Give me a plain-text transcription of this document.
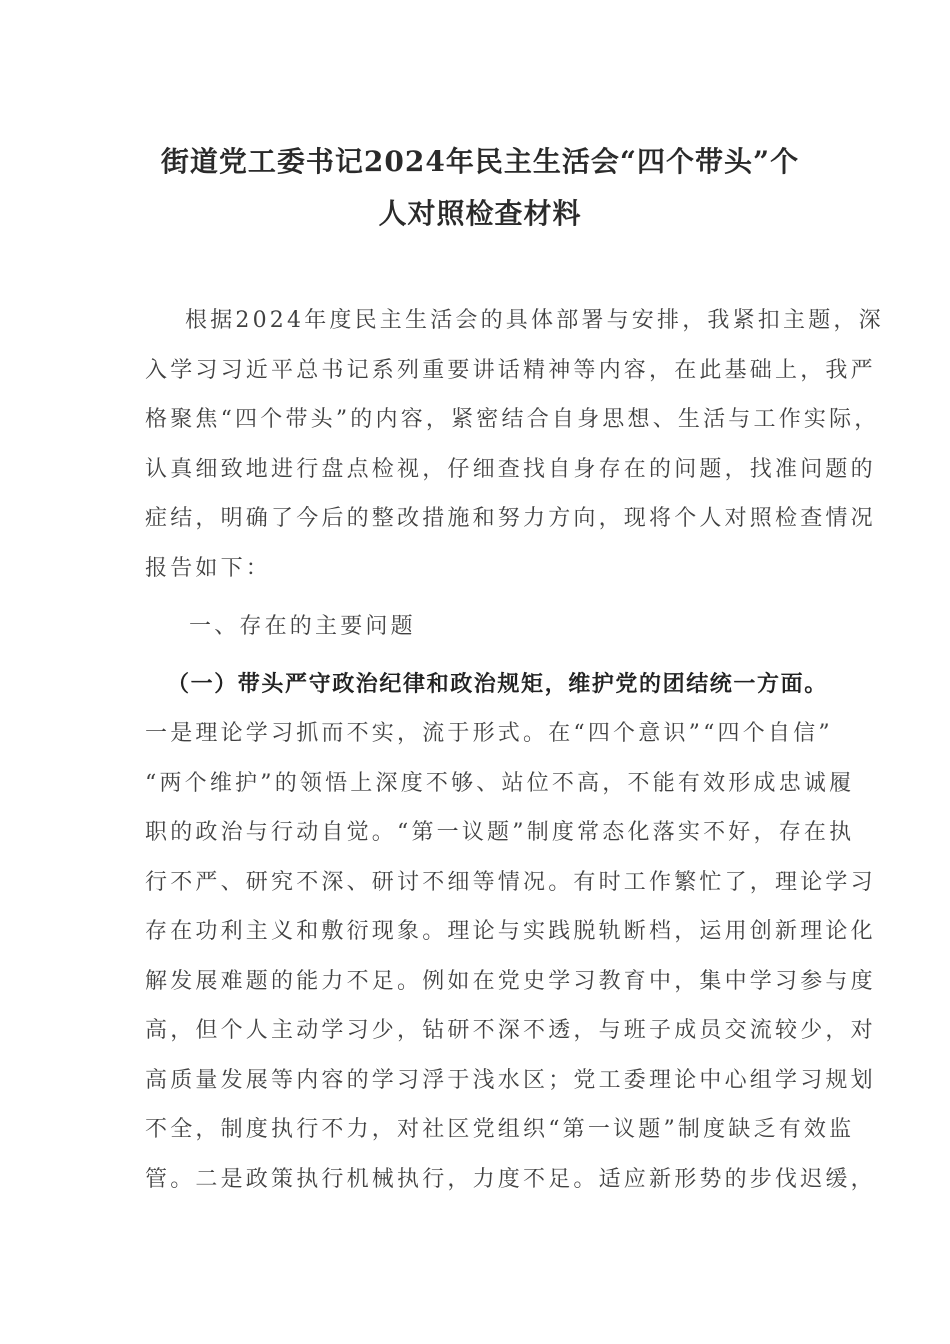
街道党工委书记2024年民主生活会“四个带头”个
人对照检查材料
根据2024年度民主生活会的具体部署与安排，我紧扣主题，深
入学习习近平总书记系列重要讲话精神等内容，在此基础上，我严
格聚焦“四个带头”的内容，紧密结合自身思想、生活与工作实际，
认真细致地进行盘点检视，仔细查找自身存在的问题，找准问题的
症结，明确了今后的整改措施和努力方向，现将个人对照检查情况
报告如下：
一、存在的主要问题
（一）带头严守政治纪律和政治规矩，维护党的团结统一方面。
一是理论学习抓而不实，流于形式。在“四个意识”“四个自信”
“两个维护”的领悟上深度不够、站位不高，不能有效形成忠诚履
职的政治与行动自觉。“第一议题”制度常态化落实不好，存在执
行不严、研究不深、研讨不细等情况。有时工作繁忙了，理论学习
存在功利主义和敷衍现象。理论与实践脱轨断档，运用创新理论化
解发展难题的能力不足。例如在党史学习教育中，集中学习参与度
高，但个人主动学习少，钻研不深不透，与班子成员交流较少，对
高质量发展等内容的学习浮于浅水区；党工委理论中心组学习规划
不全，制度执行不力，对社区党组织“第一议题”制度缺乏有效监
管。二是政策执行机械执行，力度不足。适应新形势的步伐迟缓，
